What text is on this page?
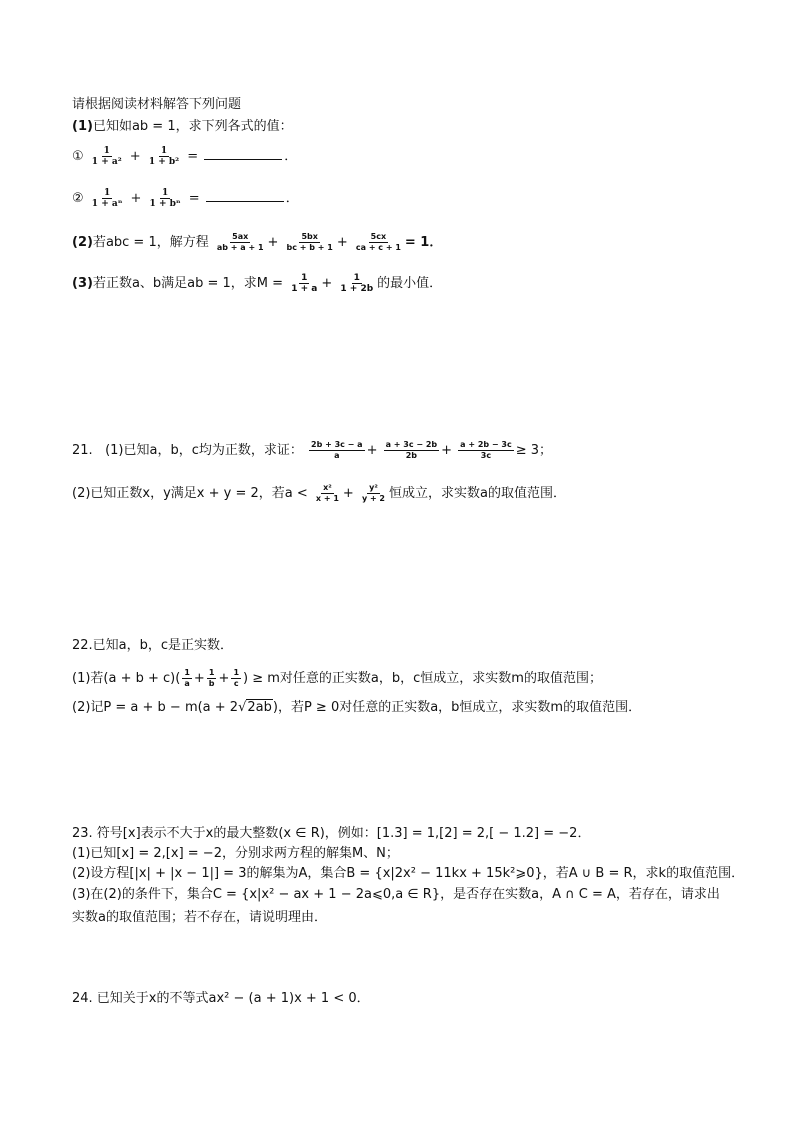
请根据阅读材料解答下列问题
(1)已知如ab = 1，求下列各式的值：
① $\frac{1}{\text{1 + a²}} + \frac{1}{\text{1 + b²}}$ =	．
② $\frac{1}{\text{1 + aⁿ}} + \frac{1}{\text{1 + bⁿ}}$ =	．
(2)若abc = 1，解方程 $\frac{5ax}{ab + a + 1} + \frac{5bx}{bc + b + 1} + \frac{5cx}{ca + c + 1} = 1$．
(3)若正数a、b满足ab = 1，求$M = \frac{1}{1 + a} + \frac{1}{1 + 2b}$ 的最小值．
21. (1)已知a，b，c均为正数，求证： $\frac{2b + 3c - a}{a} + \frac{a + 3c - 2b}{2b} + \frac{a + 2b - 3c}{3c} \ge 3$；
(2)已知正数x，y满足x + y = 2，若$a < \frac{\text{x²}}{x + 1} + \frac{\text{y²}}{y + 2}$ 恒成立，求实数a的取值范围．
22.已知a，b，c是正实数．
(1)若$(a + b + c)( \frac{1}{a} + \frac{1}{b} + \frac{1}{c}$ ) ≥ m对任意的正实数a，b，c恒成立，求实数m的取值范围；
(2)记P = a + b − m(a + 2√2ab)，若P ≥ 0对任意的正实数a，b恒成立，求实数m的取值范围．
23. 符号[x]表示不大于x的最大整数(x ∈ R)，例如：[1.3] = 1,[2] = 2,[ − 1.2] = −2．
(1)已知[x] = 2,[x] = −2，分别求两方程的解集M、N；
(2)设方程[|x| + |x − 1|] = 3的解集为A，集合B = {x|2x² − 11kx + 15k²⩾0}，若A ∪ B = R，求k的取值范围．
(3)在(2)的条件下，集合C = {x|x² − ax + 1 − 2a⩽0,a ∈ R}，是否存在实数a，A ∩ C = A，若存在，请求出
实数a的取值范围；若不存在，请说明理由．
24. 已知关于x的不等式ax² − (a + 1)x + 1 < 0．
